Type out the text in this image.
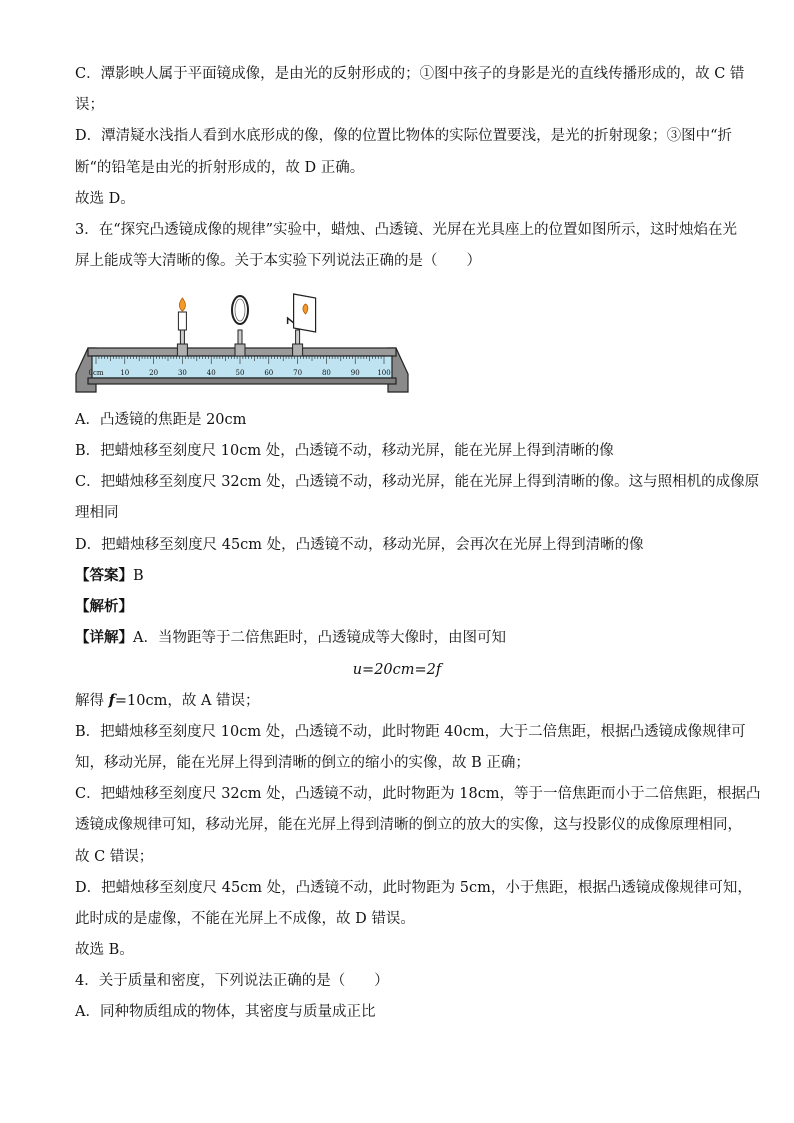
C．潭影映人属于平面镜成像，是由光的反射形成的；①图中孩子的身影是光的直线传播形成的，故 C 错
误；
D．潭清疑水浅指人看到水底形成的像，像的位置比物体的实际位置要浅，是光的折射现象；③图中“折
断“的铅笔是由光的折射形成的，故 D 正确。
故选 D。
3．在“探究凸透镜成像的规律”实验中，蜡烛、凸透镜、光屏在光具座上的位置如图所示，这时烛焰在光
屏上能成等大清晰的像。关于本实验下列说法正确的是（　　）
0cm 10	20	30	40	50	60	70	80	90	100
A．凸透镜的焦距是 20cm
B．把蜡烛移至刻度尺 10cm 处，凸透镜不动，移动光屏，能在光屏上得到清晰的像
C．把蜡烛移至刻度尺 32cm 处，凸透镜不动，移动光屏，能在光屏上得到清晰的像。这与照相机的成像原
理相同
D．把蜡烛移至刻度尺 45cm 处，凸透镜不动，移动光屏，会再次在光屏上得到清晰的像
【答案】B
【解析】
【详解】A．当物距等于二倍焦距时，凸透镜成等大像时，由图可知
u=20cm=2f
解得 f=10cm，故 A 错误；
B．把蜡烛移至刻度尺 10cm 处，凸透镜不动，此时物距 40cm，大于二倍焦距，根据凸透镜成像规律可
知，移动光屏，能在光屏上得到清晰的倒立的缩小的实像，故 B 正确；
C．把蜡烛移至刻度尺 32cm 处，凸透镜不动，此时物距为 18cm，等于一倍焦距而小于二倍焦距，根据凸
透镜成像规律可知，移动光屏，能在光屏上得到清晰的倒立的放大的实像，这与投影仪的成像原理相同，
故 C 错误；
D．把蜡烛移至刻度尺 45cm 处，凸透镜不动，此时物距为 5cm，小于焦距，根据凸透镜成像规律可知，
此时成的是虚像，不能在光屏上不成像，故 D 错误。
故选 B。
4．关于质量和密度，下列说法正确的是（　　）
A．同种物质组成的物体，其密度与质量成正比
